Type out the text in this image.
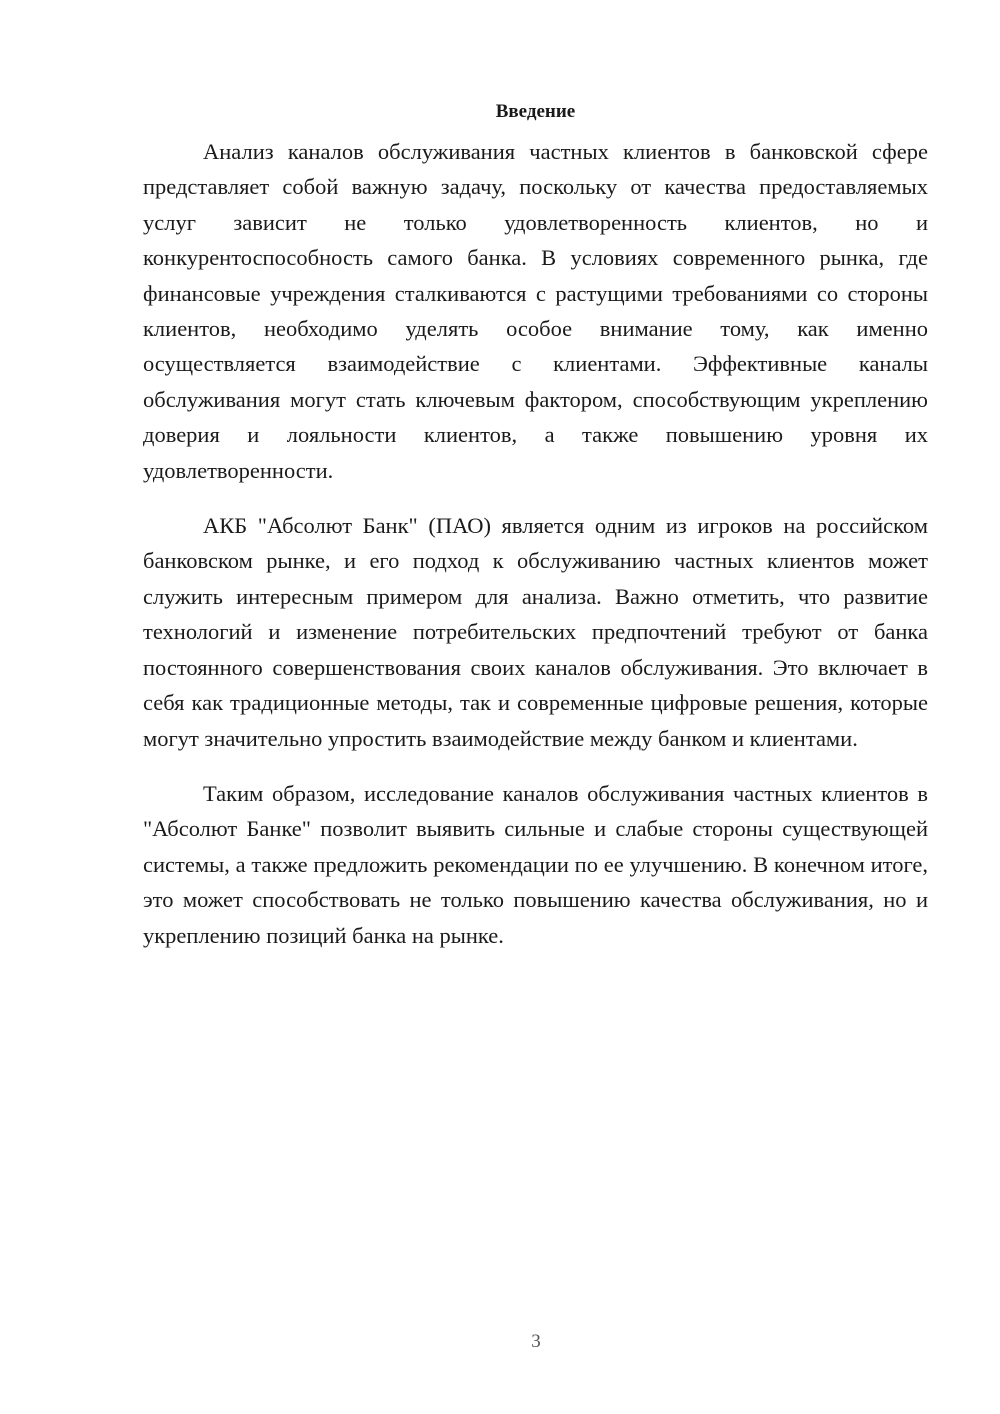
Введение

Анализ каналов обслуживания частных клиентов в банковской сфере представляет собой важную задачу, поскольку от качества предоставляемых услуг зависит не только удовлетворенность клиентов, но и конкурентоспособность самого банка. В условиях современного рынка, где финансовые учреждения сталкиваются с растущими требованиями со стороны клиентов, необходимо уделять особое внимание тому, как именно осуществляется взаимодействие с клиентами. Эффективные каналы обслуживания могут стать ключевым фактором, способствующим укреплению доверия и лояльности клиентов, а также повышению уровня их удовлетворенности.

АКБ "Абсолют Банк" (ПАО) является одним из игроков на российском банковском рынке, и его подход к обслуживанию частных клиентов может служить интересным примером для анализа. Важно отметить, что развитие технологий и изменение потребительских предпочтений требуют от банка постоянного совершенствования своих каналов обслуживания. Это включает в себя как традиционные методы, так и современные цифровые решения, которые могут значительно упростить взаимодействие между банком и клиентами.

Таким образом, исследование каналов обслуживания частных клиентов в "Абсолют Банке" позволит выявить сильные и слабые стороны существующей системы, а также предложить рекомендации по ее улучшению. В конечном итоге, это может способствовать не только повышению качества обслуживания, но и укреплению позиций банка на рынке.

3
